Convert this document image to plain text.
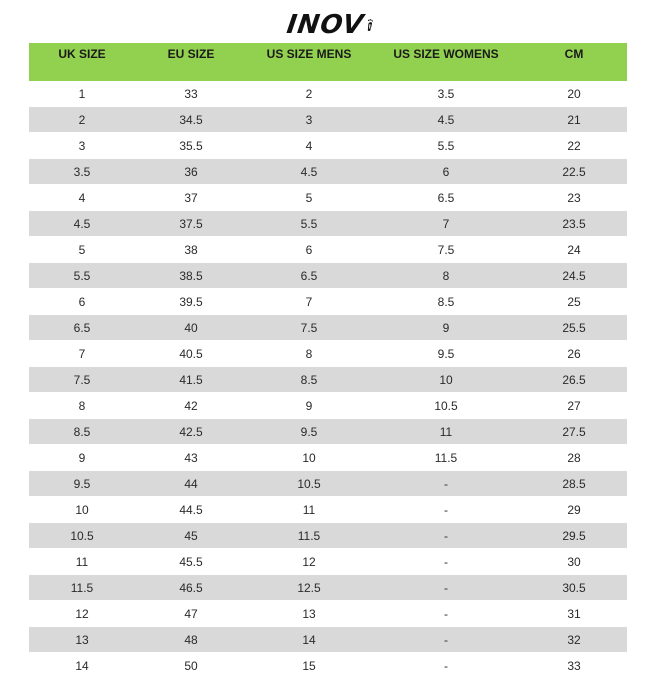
INOV
UK SIZE	EU SIZE	US SIZE MENS	US SIZE WOMENS	CM
1	33	2	3.5	20
2	34.5	3	4.5	21
3	35.5	4	5.5	22
3.5	36	4.5	6	22.5
4	37	5	6.5	23
4.5	37.5	5.5	7	23.5
5	38	6	7.5	24
5.5	38.5	6.5	8	24.5
6	39.5	7	8.5	25
6.5	40	7.5	9	25.5
7	40.5	8	9.5	26
7.5	41.5	8.5	10	26.5
8	42	9	10.5	27
8.5	42.5	9.5	11	27.5
9	43	10	11.5	28
9.5	44	10.5	-	28.5
10	44.5	11	-	29
10.5	45	11.5	-	29.5
11	45.5	12	-	30
11.5	46.5	12.5	-	30.5
12	47	13	-	31
13	48	14	-	32
14	50	15	-	33
